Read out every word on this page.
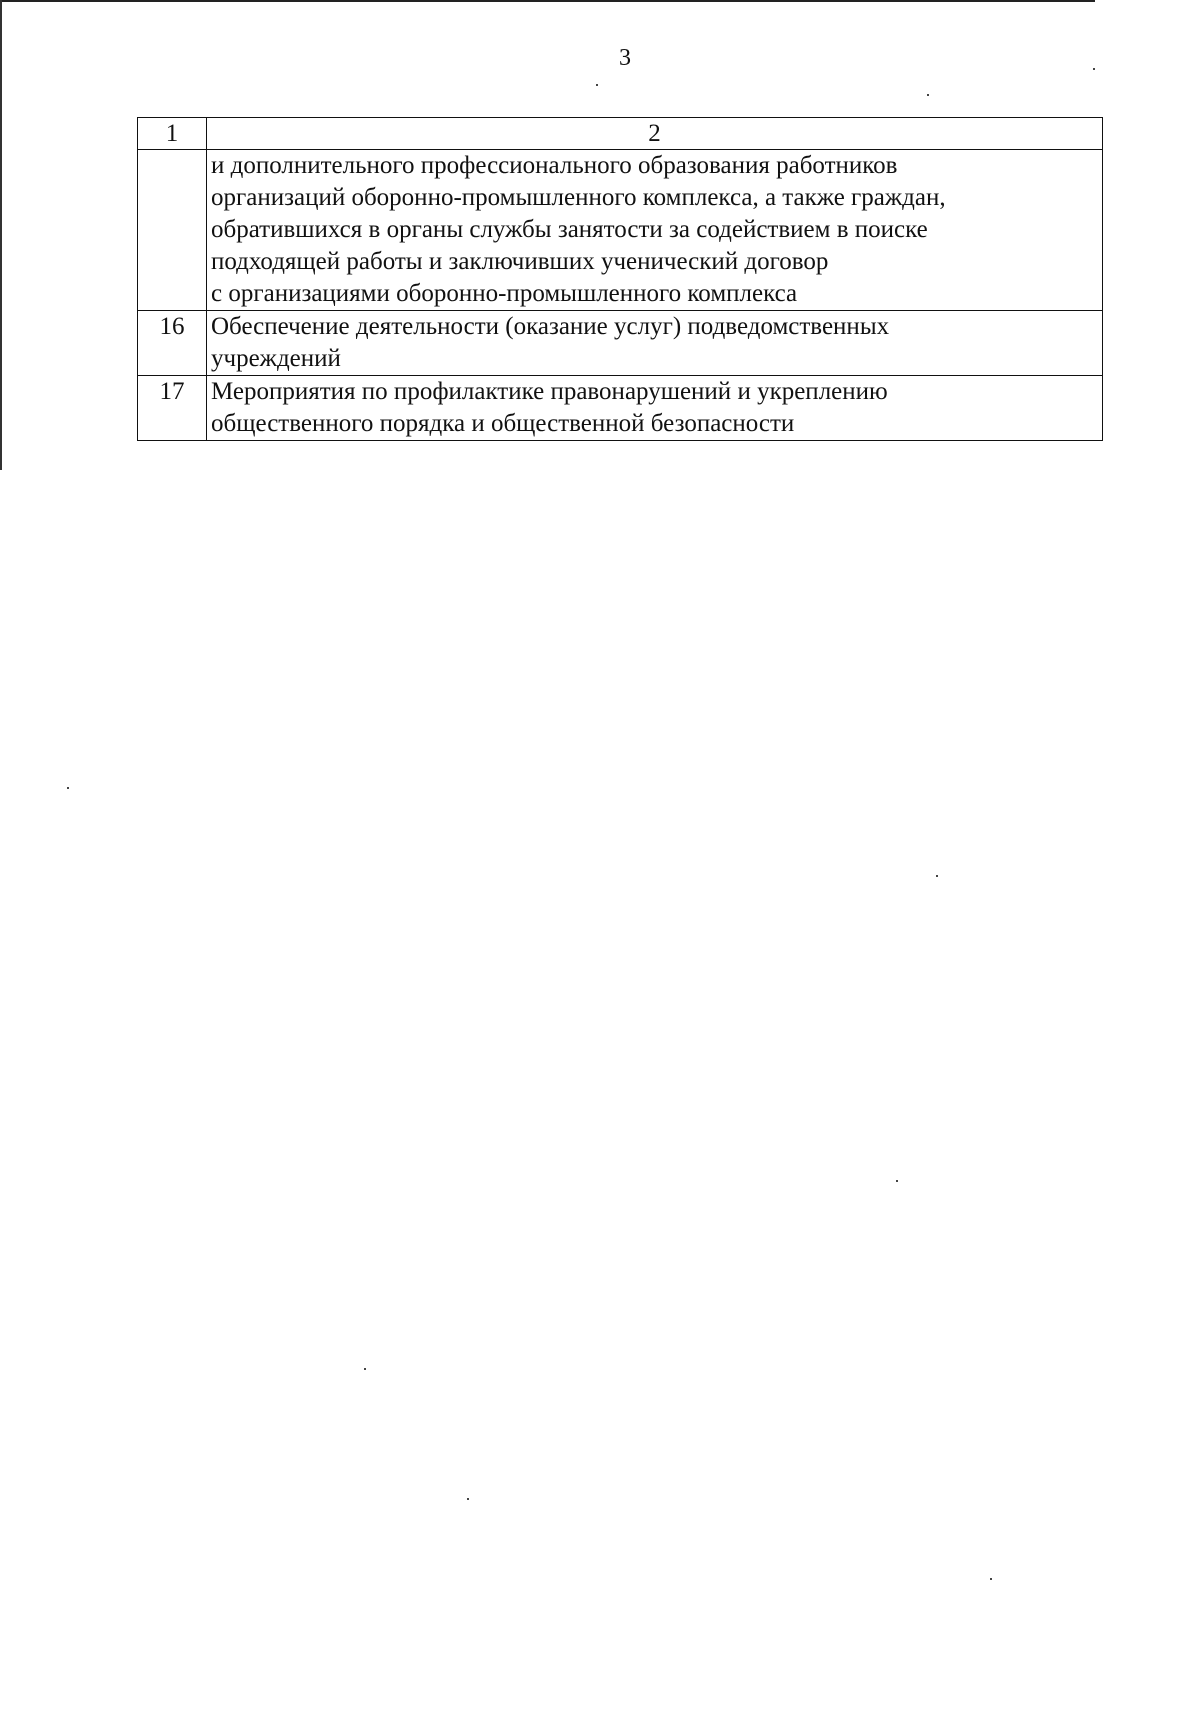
3
1	2

	и дополнительного профессионального образования работников
организаций оборонно-промышленного комплекса, а также граждан,
обратившихся в органы службы занятости за содействием в поиске
подходящей работы и заключивших ученический договор
с организациями оборонно-промышленного комплекса

16	Обеспечение деятельности (оказание услуг) подведомственных
учреждений

17	Мероприятия по профилактике правонарушений и укреплению
общественного порядка и общественной безопасности
